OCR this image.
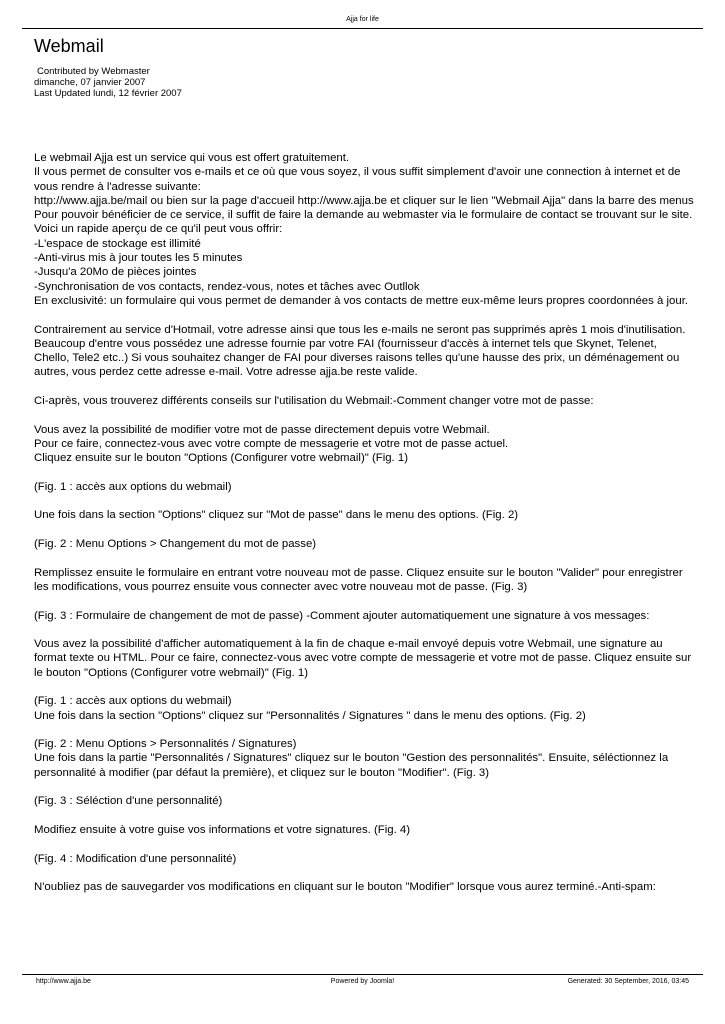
Ajja for life
Webmail
Contributed by Webmaster
dimanche, 07 janvier 2007
Last Updated lundi, 12 février 2007

Le webmail Ajja est un service qui vous est offert gratuitement.

Il vous permet de consulter vos e-mails et ce où que vous soyez, il vous suffit simplement d'avoir une connection à internet et de vous rendre à l'adresse suivante:

http://www.ajja.be/mail ou bien sur la page d'accueil http://www.ajja.be et cliquer sur le lien "Webmail Ajja" dans la barre des menus

Pour pouvoir bénéficier de ce service, il suffit de faire la demande au webmaster via le formulaire de contact se trouvant sur le site.

Voici un rapide aperçu de ce qu'il peut vous offrir:

-L'espace de stockage est illimité

-Anti-virus mis à jour toutes les 5 minutes

-Jusqu'a 20Mo de pièces jointes

-Synchronisation de vos contacts, rendez-vous, notes et tâches avec Outllok

En exclusivité: un formulaire qui vous permet de demander à vos contacts de mettre eux-même leurs propres coordonnées à jour.

Contrairement au service d'Hotmail, votre adresse ainsi que tous les e-mails ne seront pas supprimés après 1 mois d'inutilisation.

Beaucoup d'entre vous possédez une adresse fournie par votre FAI (fournisseur d'accès à internet tels que Skynet, Telenet, Chello, Tele2 etc..) Si vous souhaitez changer de FAI pour diverses raisons telles qu'une hausse des prix, un déménagement ou autres, vous perdez cette adresse e-mail. Votre adresse ajja.be reste valide.

Ci-après, vous trouverez différents conseils sur l'utilisation du Webmail:-Comment changer votre mot de passe:

Vous avez la possibilité de modifier votre mot de passe directement depuis votre Webmail.

Pour ce faire, connectez-vous avec votre compte de messagerie et votre mot de passe actuel.

Cliquez ensuite sur le bouton "Options (Configurer votre webmail)" (Fig. 1)

(Fig. 1 : accès aux options du webmail)

Une fois dans la section "Options" cliquez sur "Mot de passe" dans le menu des options. (Fig. 2)

(Fig. 2 : Menu Options > Changement du mot de passe)

Remplissez ensuite le formulaire en entrant votre nouveau mot de passe. Cliquez ensuite sur le bouton "Valider" pour enregistrer les modifications, vous pourrez ensuite vous connecter avec votre nouveau mot de passe. (Fig. 3)

(Fig. 3 : Formulaire de changement de mot de passe) -Comment ajouter automatiquement une signature à vos messages:

Vous avez la possibilité d'afficher automatiquement à la fin de chaque e-mail envoyé depuis votre Webmail, une signature au format texte ou HTML. Pour ce faire, connectez-vous avec votre compte de messagerie et votre mot de passe. Cliquez ensuite sur le bouton "Options (Configurer votre webmail)" (Fig. 1)

(Fig. 1 : accès aux options du webmail)

Une fois dans la section "Options" cliquez sur "Personnalités / Signatures " dans le menu des options. (Fig. 2)

(Fig. 2 : Menu Options > Personnalités / Signatures)

Une fois dans la partie "Personnalités / Signatures" cliquez sur le bouton "Gestion des personnalités". Ensuite, séléctionnez la personnalité à modifier (par défaut la première), et cliquez sur le bouton "Modifier". (Fig. 3)

(Fig. 3 : Séléction d'une personnalité)

Modifiez ensuite à votre guise vos informations et votre signatures. (Fig. 4)

(Fig. 4 : Modification d'une personnalité)

N'oubliez pas de sauvegarder vos modifications en cliquant sur le bouton "Modifier" lorsque vous aurez terminé.-Anti-spam:

Powered by Joomla!
http://www.ajja.be	Generated: 30 September, 2016, 03:45
